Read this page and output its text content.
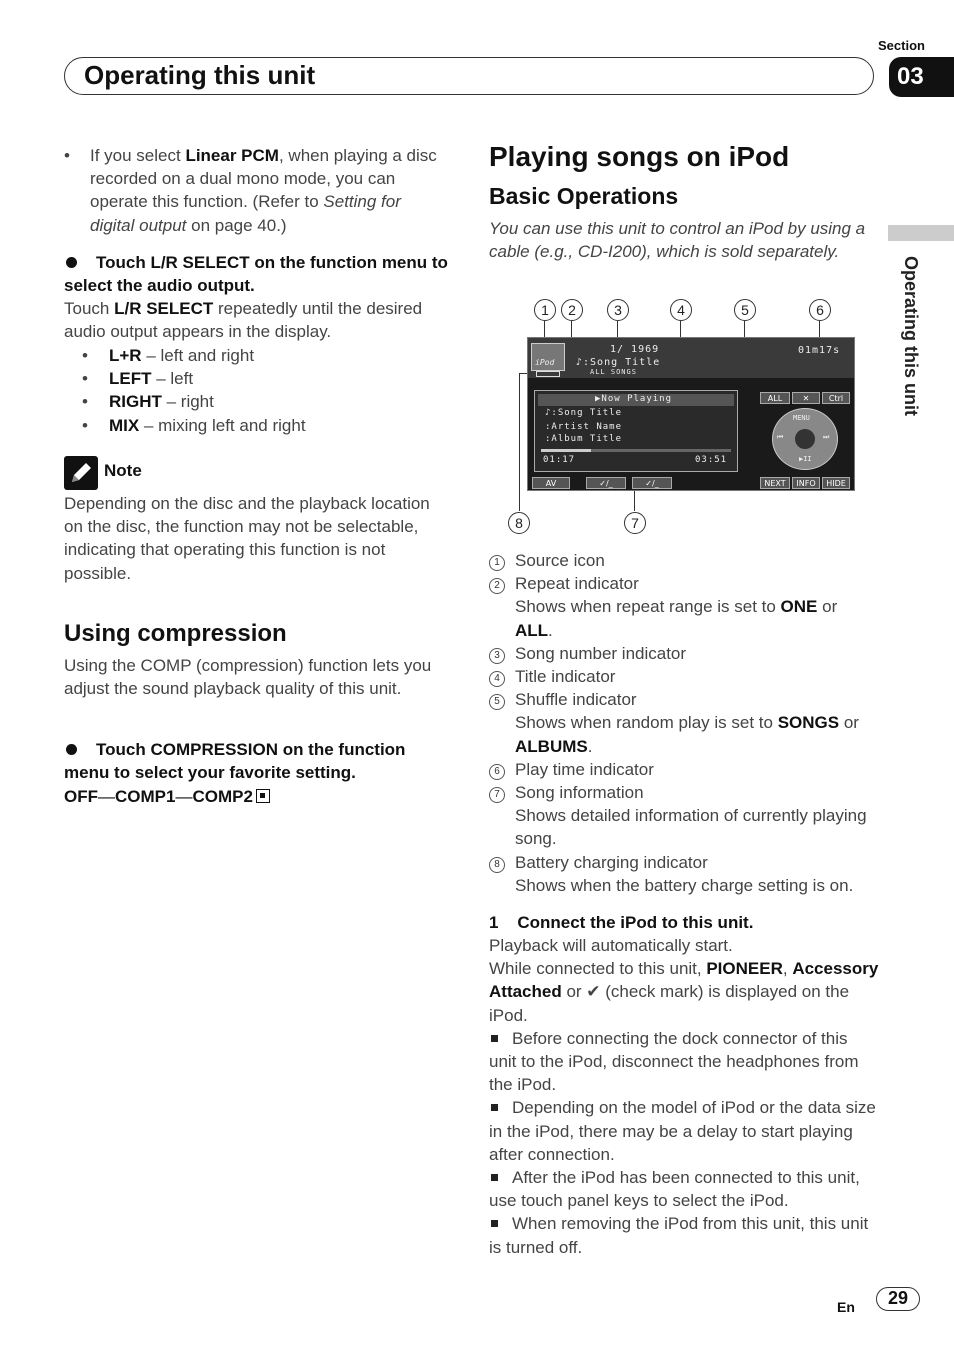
Section
Operating this unit	03
Operating this unit
• If you select Linear PCM, when playing a disc recorded on a dual mono mode, you can operate this function. (Refer to Setting for digital output on page 40.)
Touch L/R SELECT on the function menu to select the audio output.
Touch L/R SELECT repeatedly until the desired audio output appears in the display.
• L+R – left and right
• LEFT – left
• RIGHT – right
• MIX – mixing left and right
Note
Depending on the disc and the playback location on the disc, the function may not be selectable, indicating that operating this function is not possible.
Using compression
Using the COMP (compression) function lets you adjust the sound playback quality of this unit.
Touch COMPRESSION on the function menu to select your favorite setting.
OFF—COMP1—COMP2
Playing songs on iPod
Basic Operations
You can use this unit to control an iPod by using a cable (e.g., CD-I200), which is sold separately.
1	2	3	4	5	6
iPod
1/ 1969
♪:Song Title
ALL SONGS
01m17s
▶Now Playing
♪:Song Title
:Artist Name
:Album Title
01:17	03:51
AV MENU
✓/_	✓/_
ALL	✕	Ctrl
MENU
⏮	⏭
▶II
NEXT	INFO	HIDE
8	7
1 Source icon
2 Repeat indicator
Shows when repeat range is set to ONE or ALL.
3 Song number indicator
4 Title indicator
5 Shuffle indicator
Shows when random play is set to SONGS or ALBUMS.
6 Play time indicator
7 Song information
Shows detailed information of currently playing song.
8 Battery charging indicator
Shows when the battery charge setting is on.
1    Connect the iPod to this unit.
Playback will automatically start.
While connected to this unit, PIONEER, Accessory Attached or ✔ (check mark) is displayed on the iPod.
Before connecting the dock connector of this unit to the iPod, disconnect the headphones from the iPod.
Depending on the model of iPod or the data size in the iPod, there may be a delay to start playing after connection.
After the iPod has been connected to this unit, use touch panel keys to select the iPod.
When removing the iPod from this unit, this unit is turned off.
En	29
